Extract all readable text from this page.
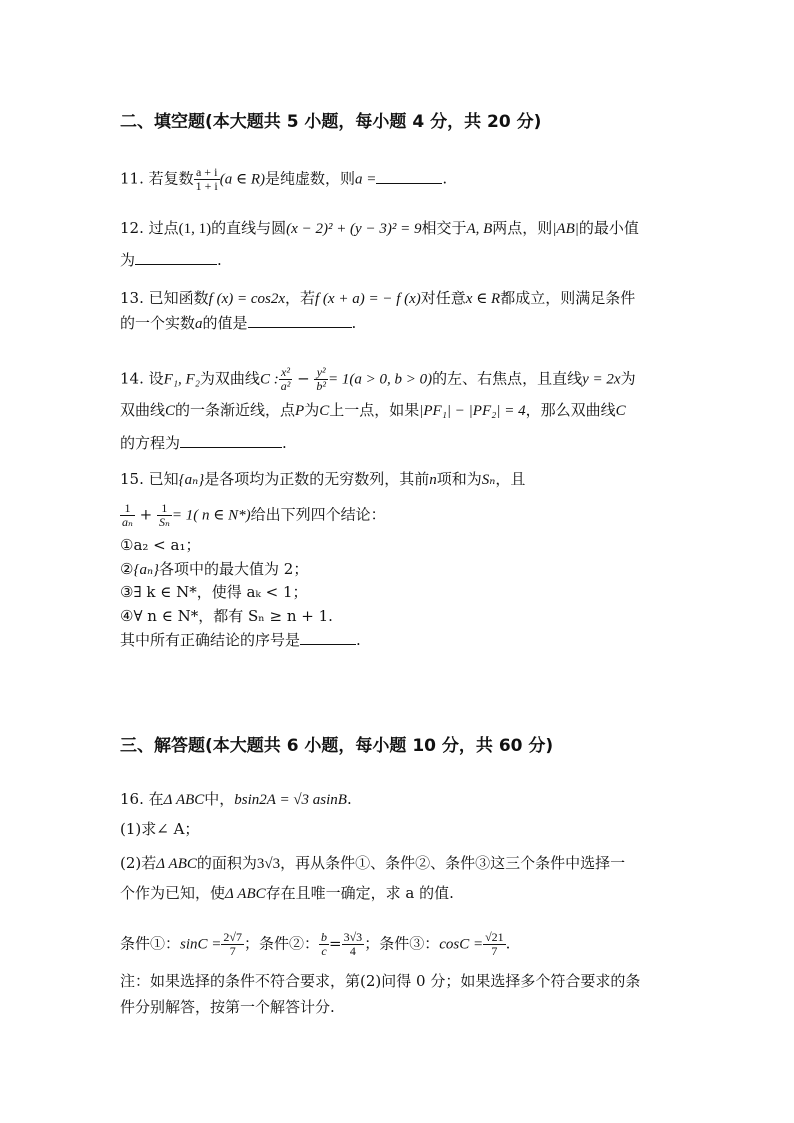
二、填空题(本大题共 5 小题，每小题 4 分，共 20 分)
11. 若复数 $\frac{a + i}{1 + i} (a$ ∈ R)是纯虚数，则a =	.
12. 过点(1, 1)的直线与圆(x − 2)² + (y − 3)² = 9相交于A, B两点，则|AB|的最小值
为	.
13. 已知函数f (x) = cos2x，若f (x + a) = − f (x)对任意x ∈ R都成立，则满足条件
的一个实数a的值是	.
14. 设F₁, F₂为双曲线C : $\frac{\text{x²}}{\text{a²}} - \frac{\text{y²}}{\text{b²}} = 1(a > 0$, b > 0)的左、右焦点，且直线y = 2x为
双曲线C的一条渐近线，点P为C上一点，如果|PF₁| − |PF₂| = 4，那么双曲线C
的方程为	.
15. 已知{aₙ}是各项均为正数的无穷数列，其前n项和为Sₙ，且
$\frac{1}{\text{aₙ}} + \frac{1}{\text{Sₙ}} = 1$( n ∈ N*)给出下列四个结论：
①a₂ < a₁；
②{aₙ}各项中的最大值为 2；
③∃ k ∈ N*，使得 aₖ < 1；
④∀ n ∈ N*，都有 Sₙ ≥ n + 1.
其中所有正确结论的序号是	.
三、解答题(本大题共 6 小题，每小题 10 分，共 60 分)
16. 在Δ ABC中，bsin2A = √3 asinB.
(1)求∠ A；
(2)若Δ ABC的面积为3√3，再从条件①、条件②、条件③这三个条件中选择一
个作为已知，使Δ ABC存在且唯一确定，求 a 的值.
条件①：$\sin C = \frac{2√7}{7}$ ；条件②： $\frac{b}{c} = \frac{3√3}{4}$ ；条件③：$\cos C = \frac{√21}{7}$ .
注：如果选择的条件不符合要求，第(2)问得 0 分；如果选择多个符合要求的条
件分别解答，按第一个解答计分.
